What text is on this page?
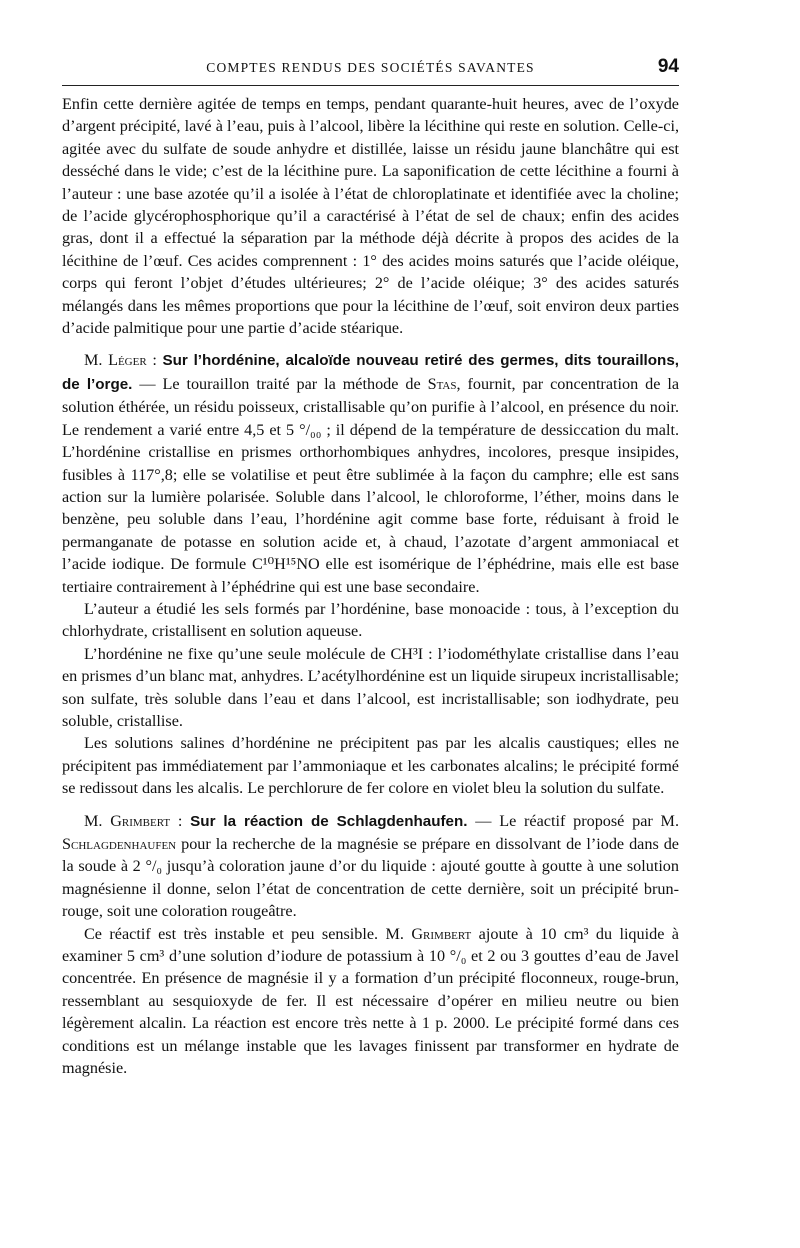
COMPTES RENDUS DES SOCIÉTÉS SAVANTES	94

Enfin cette dernière agitée de temps en temps, pendant quarante-huit heures, avec de l’oxyde d’argent précipité, lavé à l’eau, puis à l’alcool, libère la lécithine qui reste en solution. Celle-ci, agitée avec du sulfate de soude anhydre et distillée, laisse un résidu jaune blanchâtre qui est desséché dans le vide; c’est de la lécithine pure. La saponification de cette lécithine a fourni à l’auteur : une base azotée qu’il a isolée à l’état de chloroplatinate et identifiée avec la choline; de l’acide glycérophosphorique qu’il a caractérisé à l’état de sel de chaux; enfin des acides gras, dont il a effectué la séparation par la méthode déjà décrite à propos des acides de la lécithine de l’œuf. Ces acides comprennent : 1° des acides moins saturés que l’acide oléique, corps qui feront l’objet d’études ultérieures; 2° de l’acide oléique; 3° des acides saturés mélangés dans les mêmes proportions que pour la lécithine de l’œuf, soit environ deux parties d’acide palmitique pour une partie d’acide stéarique.

M. Léger : Sur l’hordénine, alcaloïde nouveau retiré des germes, dits touraillons, de l’orge. — Le touraillon traité par la méthode de Stas, fournit, par concentration de la solution éthérée, un résidu poisseux, cristallisable qu’on purifie à l’alcool, en présence du noir. Le rendement a varié entre 4,5 et 5 °/₀₀ ; il dépend de la température de dessiccation du malt. L’hordénine cristallise en prismes orthorhombiques anhydres, incolores, presque insipides, fusibles à 117°,8; elle se volatilise et peut être sublimée à la façon du camphre; elle est sans action sur la lumière polarisée. Soluble dans l’alcool, le chloroforme, l’éther, moins dans le benzène, peu soluble dans l’eau, l’hordénine agit comme base forte, réduisant à froid le permanganate de potasse en solution acide et, à chaud, l’azotate d’argent ammoniacal et l’acide iodique. De formule C¹⁰H¹⁵NO elle est isomérique de l’éphédrine, mais elle est base tertiaire contrairement à l’éphédrine qui est une base secondaire.

L’auteur a étudié les sels formés par l’hordénine, base monoacide : tous, à l’exception du chlorhydrate, cristallisent en solution aqueuse.

L’hordénine ne fixe qu’une seule molécule de CH³I : l’iodométhylate cristallise dans l’eau en prismes d’un blanc mat, anhydres. L’acétylhordénine est un liquide sirupeux incristallisable; son sulfate, très soluble dans l’eau et dans l’alcool, est incristallisable; son iodhydrate, peu soluble, cristallise.

Les solutions salines d’hordénine ne précipitent pas par les alcalis caustiques; elles ne précipitent pas immédiatement par l’ammoniaque et les carbonates alcalins; le précipité formé se redissout dans les alcalis. Le perchlorure de fer colore en violet bleu la solution du sulfate.

M. Grimbert : Sur la réaction de Schlagdenhaufen. — Le réactif proposé par M. Schlagdenhaufen pour la recherche de la magnésie se prépare en dissolvant de l’iode dans de la soude à 2 °/₀ jusqu’à coloration jaune d’or du liquide : ajouté goutte à goutte à une solution magnésienne il donne, selon l’état de concentration de cette dernière, soit un précipité brun-rouge, soit une coloration rougeâtre.

Ce réactif est très instable et peu sensible. M. Grimbert ajoute à 10 cm³ du liquide à examiner 5 cm³ d’une solution d’iodure de potassium à 10 °/₀ et 2 ou 3 gouttes d’eau de Javel concentrée. En présence de magnésie il y a formation d’un précipité floconneux, rouge-brun, ressemblant au sesquioxyde de fer. Il est nécessaire d’opérer en milieu neutre ou bien légèrement alcalin. La réaction est encore très nette à 1 p. 2000. Le précipité formé dans ces conditions est un mélange instable que les lavages finissent par transformer en hydrate de magnésie.
